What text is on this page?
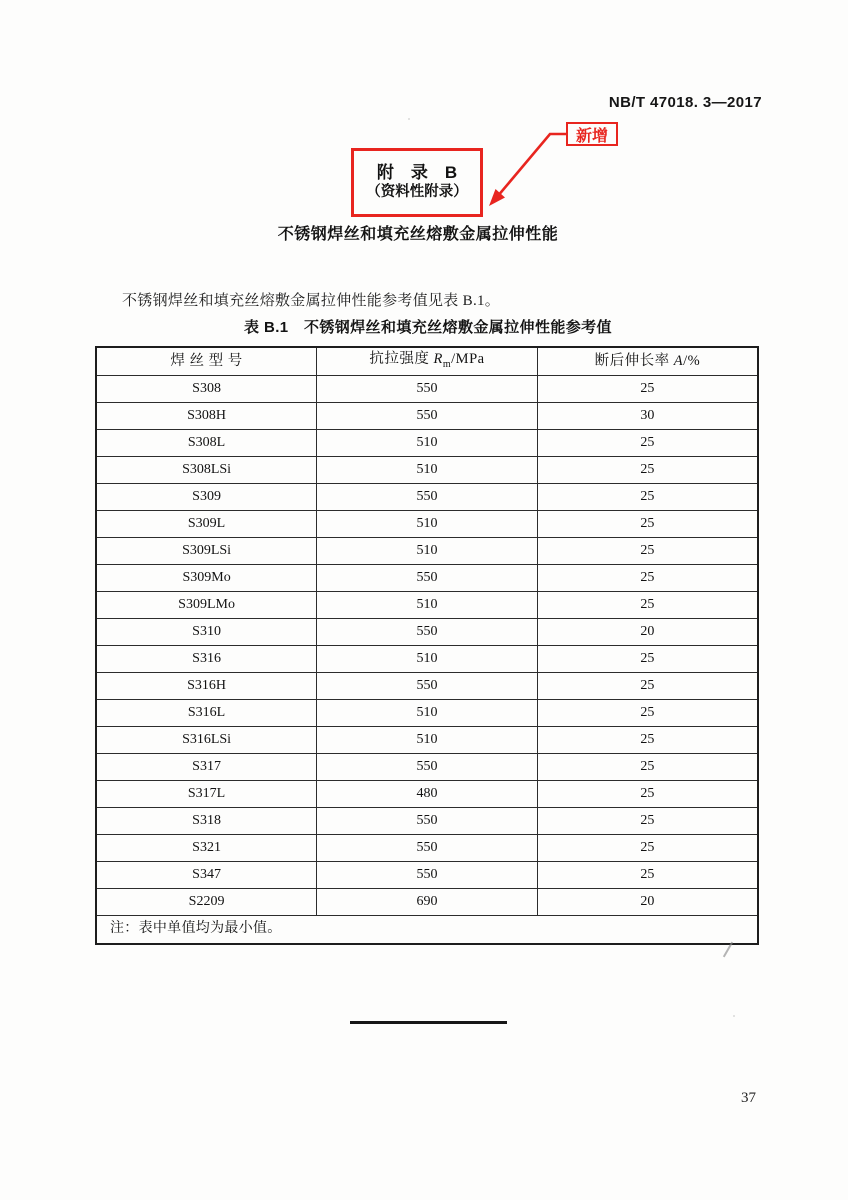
NB/T 47018. 3—2017
新增
附　录　B
（资料性附录）
不锈钢焊丝和填充丝熔敷金属拉伸性能
不锈钢焊丝和填充丝熔敷金属拉伸性能参考值见表 B.1。
表 B.1　不锈钢焊丝和填充丝熔敷金属拉伸性能参考值
焊 丝 型 号	抗拉强度 $R_m$/MPa	断后伸长率 A/%
S308	550	25
S308H	550	30
S308L	510	25
S308LSi	510	25
S309	550	25
S309L	510	25
S309LSi	510	25
S309Mo	550	25
S309LMo	510	25
S310	550	20
S316	510	25
S316H	550	25
S316L	510	25
S316LSi	510	25
S317	550	25
S317L	480	25
S318	550	25
S321	550	25
S347	550	25
S2209	690	20
注：表中单值均为最小值。		
37
